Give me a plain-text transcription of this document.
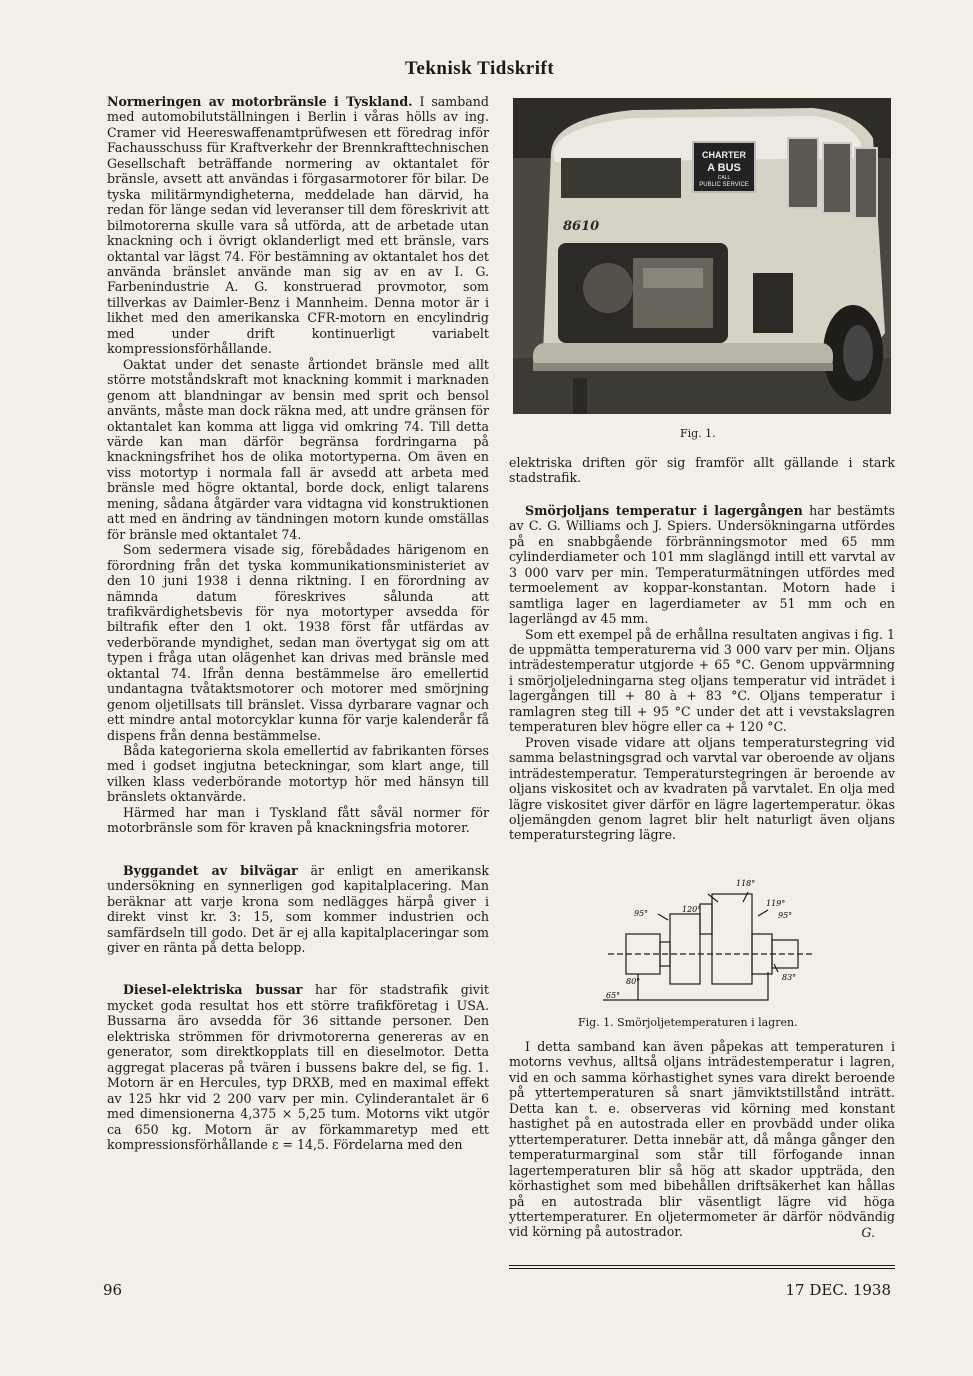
Teknisk Tidskrift

Normeringen av motorbränsle i Tyskland. I samband med automobilutställningen i Berlin i våras hölls av ing. Cramer vid Heereswaffenamtprüfwesen ett föredrag inför Fachausschuss für Kraftverkehr der Brennkrafttechnischen Gesellschaft beträffande normering av oktantalet för bränsle, avsett att användas i förgasarmotorer för bilar. De tyska militärmyndigheterna, meddelade han därvid, ha redan för länge sedan vid leveranser till dem föreskrivit att bilmotorerna skulle vara så utförda, att de arbetade utan knackning och i övrigt oklanderligt med ett bränsle, vars oktantal var lägst 74. För bestämning av oktantalet hos det använda bränslet använde man sig av en av I. G. Farbenindustrie A. G. konstruerad provmotor, som tillverkas av Daimler-Benz i Mannheim. Denna motor är i likhet med den amerikanska CFR-motorn en encylindrig med under drift kontinuerligt variabelt kompressionsförhållande.

Oaktat under det senaste årtiondet bränsle med allt större motståndskraft mot knackning kommit i marknaden genom att blandningar av bensin med sprit och bensol använts, måste man dock räkna med, att undre gränsen för oktantalet kan komma att ligga vid omkring 74. Till detta värde kan man därför begränsa fordringarna på knackningsfrihet hos de olika motortyperna. Om även en viss motortyp i normala fall är avsedd att arbeta med bränsle med högre oktantal, borde dock, enligt talarens mening, sådana åtgärder vara vidtagna vid konstruktionen att med en ändring av tändningen motorn kunde omställas för bränsle med oktantalet 74.

Som sedermera visade sig, förebådades härigenom en förordning från det tyska kommunikationsministeriet av den 10 juni 1938 i denna riktning. I en förordning av nämnda datum föreskrives sålunda att trafikvärdighetsbevis för nya motortyper avsedda för biltrafik efter den 1 okt. 1938 först får utfärdas av vederbörande myndighet, sedan man övertygat sig om att typen i fråga utan olägenhet kan drivas med bränsle med oktantal 74. Ifrån denna bestämmelse äro emellertid undantagna tvåtaktsmotorer och motorer med smörjning genom oljetillsats till bränslet. Vissa dyrbarare vagnar och ett mindre antal motorcyklar kunna för varje kalenderår få dispens från denna bestämmelse.

Båda kategorierna skola emellertid av fabrikanten förses med i godset ingjutna beteckningar, som klart ange, till vilken klass vederbörande motortyp hör med hänsyn till bränslets oktanvärde.

Härmed har man i Tyskland fått såväl normer för motorbränsle som för kraven på knackningsfria motorer.

Byggandet av bilvägar är enligt en amerikansk undersökning en synnerligen god kapitalplacering. Man beräknar att varje krona som nedlägges härpå giver i direkt vinst kr. 3: 15, som kommer industrien och samfärdseln till godo. Det är ej alla kapitalplaceringar som giver en ränta på detta belopp.

Diesel-elektriska bussar har för stadstrafik givit mycket goda resultat hos ett större trafikföretag i USA. Bussarna äro avsedda för 36 sittande personer. Den elektriska strömmen för drivmotorerna genereras av en generator, som direktkopplats till en dieselmotor. Detta aggregat placeras på tvären i bussens bakre del, se fig. 1. Motorn är en Hercules, typ DRXB, med en maximal effekt av 125 hkr vid 2 200 varv per min. Cylinderantalet är 6 med dimensionerna 4,375 × 5,25 tum. Motorns vikt utgör ca 650 kg. Motorn är av förkammaretyp med ett kompressionsförhållande ε = 14,5. Fördelarna med den

CHARTER
A BUS
CALL
PUBLIC SERVICE
8610
Fig. 1.

elektriska driften gör sig framför allt gällande i stark stadstrafik.

Smörjoljans temperatur i lagergången har bestämts av C. G. Williams och J. Spiers. Undersökningarna utfördes på en snabbgående förbränningsmotor med 65 mm cylinderdiameter och 101 mm slaglängd intill ett varvtal av 3 000 varv per min. Temperaturmätningen utfördes med termoelement av koppar-konstantan. Motorn hade i samtliga lager en lagerdiameter av 51 mm och en lagerlängd av 45 mm.

Som ett exempel på de erhållna resultaten angivas i fig. 1 de uppmätta temperaturerna vid 3 000 varv per min. Oljans inträdestemperatur utgjorde + 65 °C. Genom uppvärmning i smörjoljeledningarna steg oljans temperatur vid inträdet i lagergången till + 80 à + 83 °C. Oljans temperatur i ramlagren steg till + 95 °C under det att i vevstakslagren temperaturen blev högre eller ca + 120 °C.

Proven visade vidare att oljans temperaturstegring vid samma belastningsgrad och varvtal var oberoende av oljans inträdestemperatur. Temperaturstegringen är beroende av oljans viskositet och av kvadraten på varvtalet. En olja med lägre viskositet giver därför en lägre lagertemperatur. ökas oljemängden genom lagret blir helt naturligt även oljans temperaturstegring lägre.

118°
120°
95°
119°
95°
80°	83°
65°
Fig. 1. Smörjoljetemperaturen i lagren.

I detta samband kan även påpekas att temperaturen i motorns vevhus, alltså oljans inträdestemperatur i lagren, vid en och samma körhastighet synes vara direkt beroende på yttertemperaturen så snart jämviktstillstånd inträtt. Detta kan t. e. observeras vid körning med konstant hastighet på en autostrada eller en provbädd under olika yttertemperaturer. Detta innebär att, då många gånger den temperaturmarginal som står till förfogande innan lagertemperaturen blir så hög att skador uppträda, den körhastighet som med bibehållen driftsäkerhet kan hållas på en autostrada blir väsentligt lägre vid höga yttertemperaturer. En oljetermometer är därför nödvändig vid körning på autostrador.	G.
96	17 DEC. 1938
